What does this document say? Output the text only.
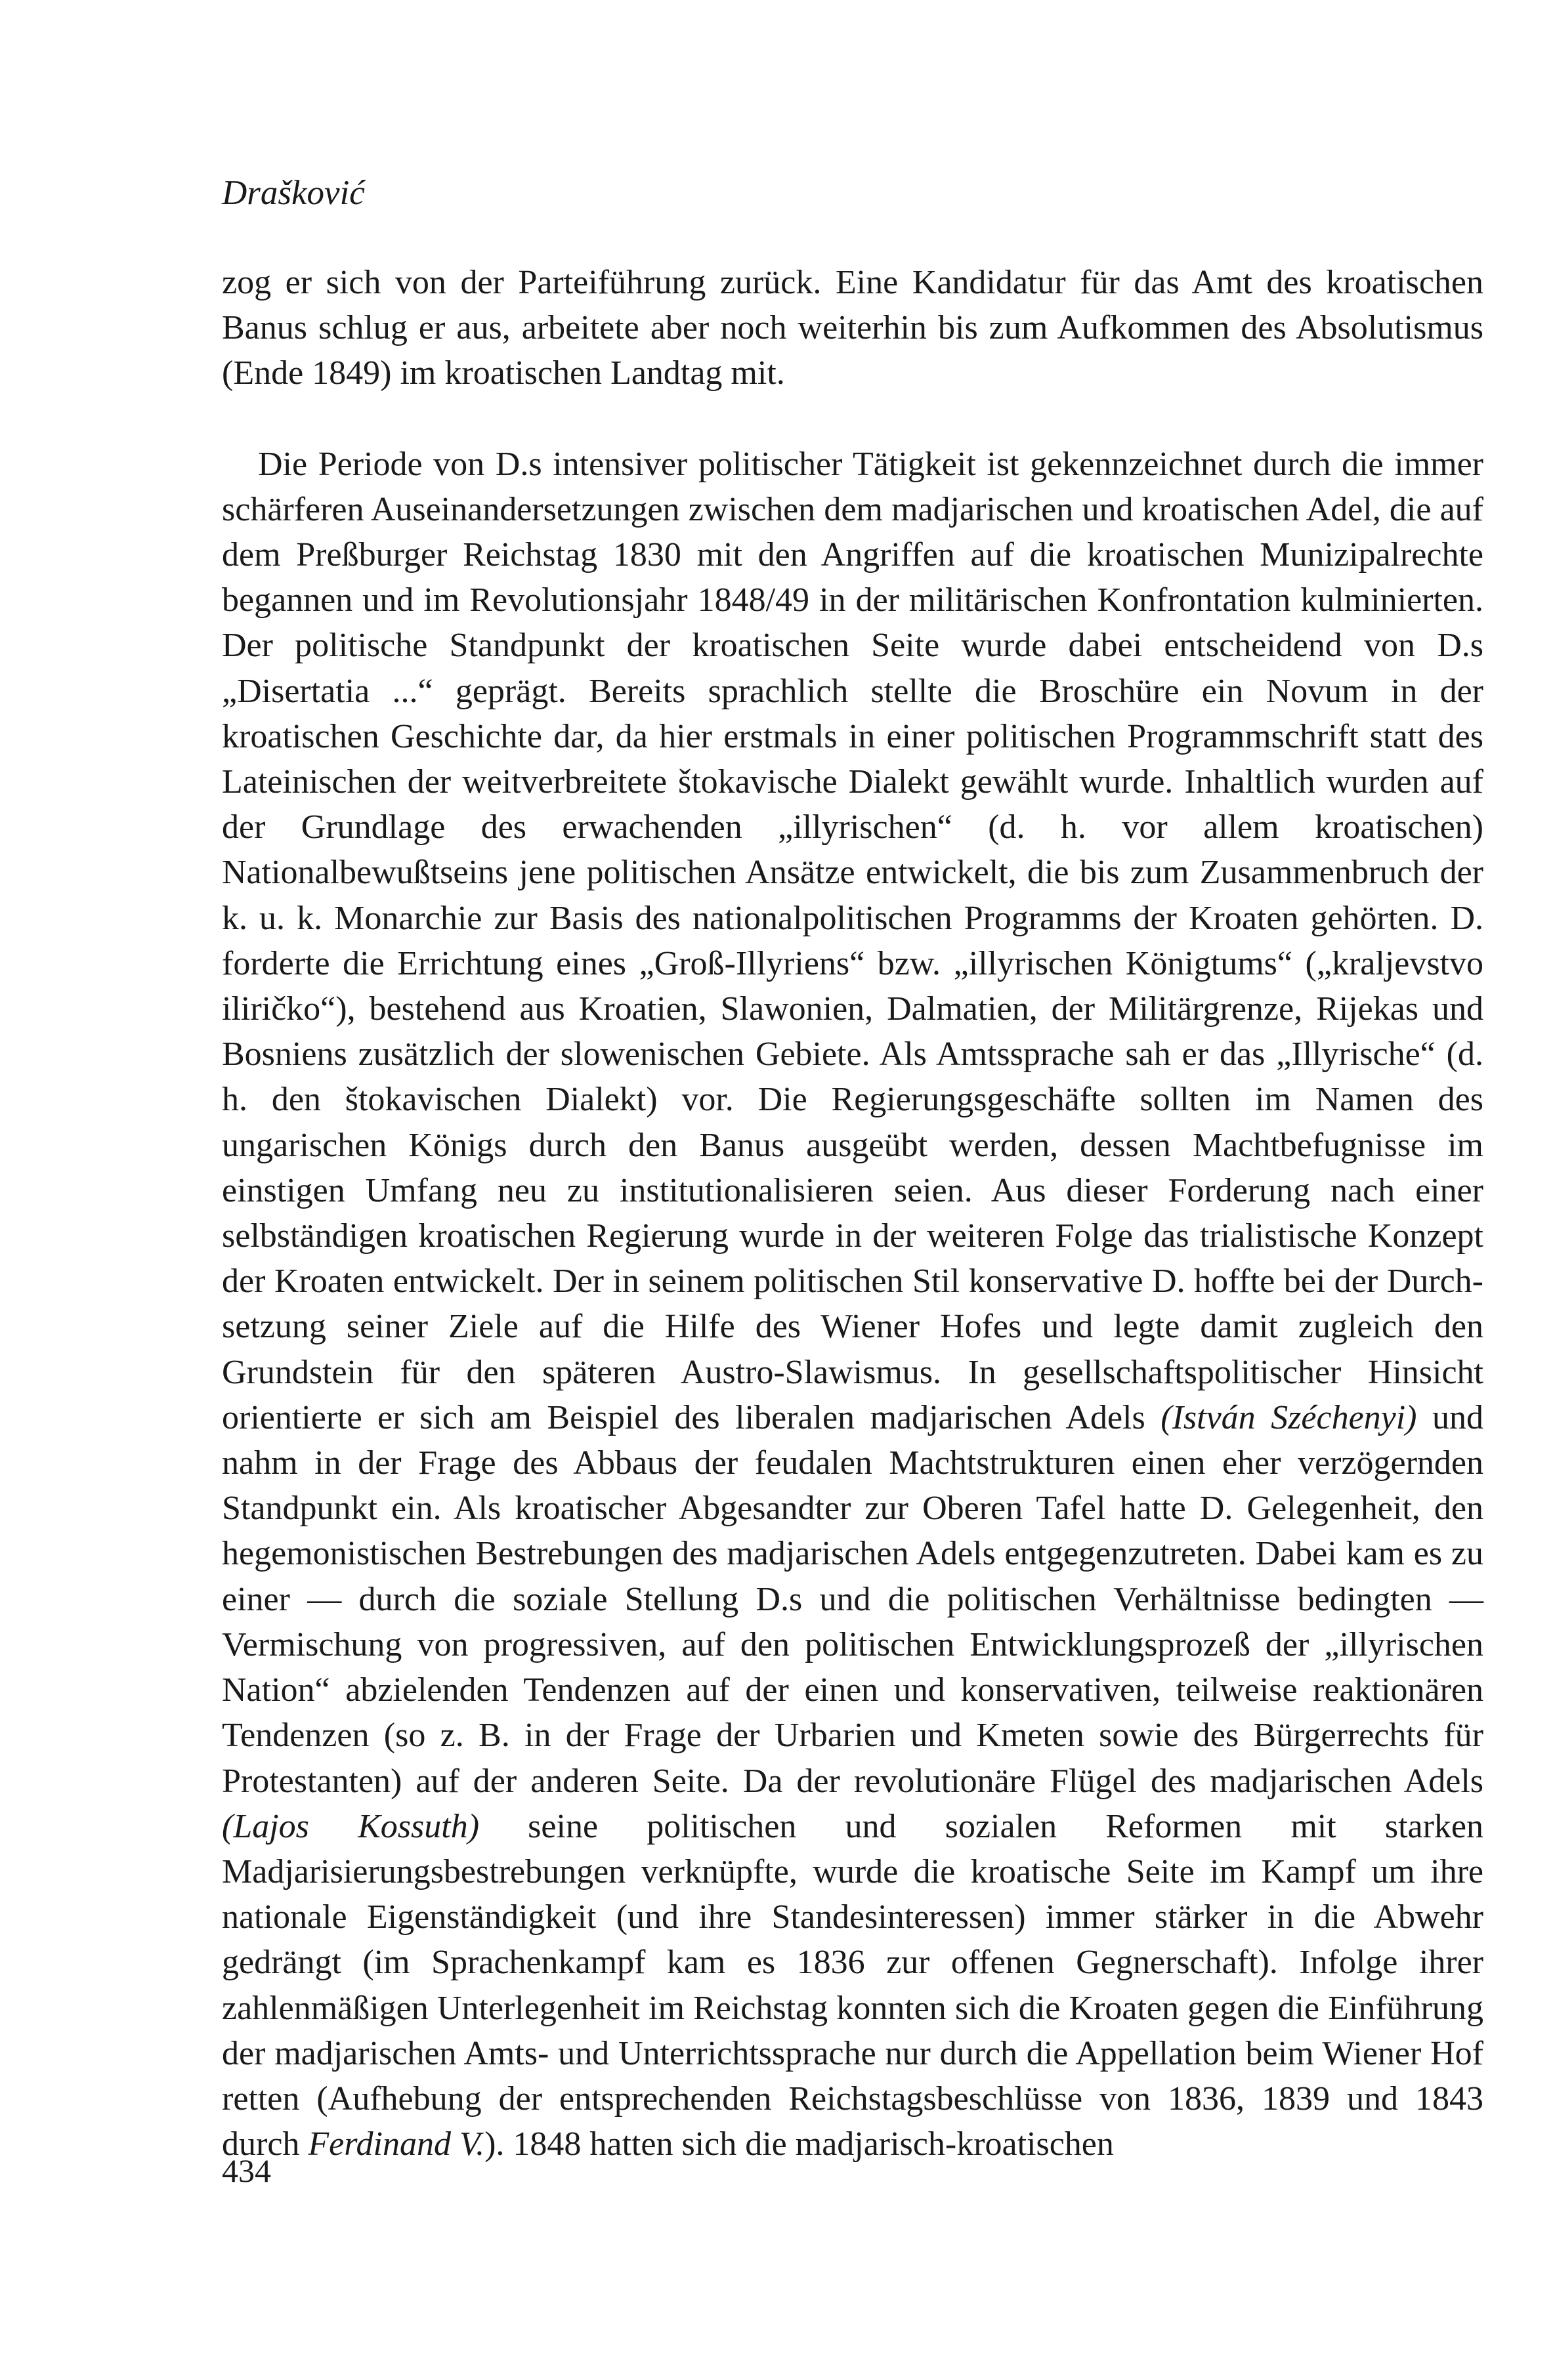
Drašković

zog er sich von der Parteiführung zurück. Eine Kandidatur für das Amt des kroatischen Banus schlug er aus, arbeitete aber noch weiterhin bis zum Aufkommen des Absolutismus (Ende 1849) im kroatischen Landtag mit.

Die Periode von D.s intensiver politischer Tätigkeit ist gekennzeichnet durch die immer schärferen Auseinandersetzungen zwischen dem madjarischen und kroatischen Adel, die auf dem Preßburger Reichstag 1830 mit den Angriffen auf die kroatischen Munizipalrechte begannen und im Revolutionsjahr 1848/49 in der militärischen Konfrontation kulminierten. Der politische Standpunkt der kroatischen Seite wurde dabei entscheidend von D.s „Disertatia ...“ geprägt. Bereits sprachlich stellte die Broschüre ein Novum in der kroatischen Geschichte dar, da hier erstmals in einer politischen Programmschrift statt des Lateinischen der weitverbreitete štokavische Dialekt gewählt wurde. Inhaltlich wurden auf der Grundlage des erwachenden „illyrischen“ (d. h. vor allem kroatischen) Nationalbewußtseins jene politischen Ansätze entwickelt, die bis zum Zusammenbruch der k. u. k. Monarchie zur Basis des nationalpolitischen Programms der Kroaten gehörten. D. forderte die Errichtung eines „Groß-Illyriens“ bzw. „illyrischen Königtums“ („kraljevstvo iliričko“), bestehend aus Kroatien, Slawonien, Dalmatien, der Militärgrenze, Rijekas und Bosniens zusätzlich der slowenischen Gebiete. Als Amtssprache sah er das „Illyrische“ (d. h. den štokavischen Dialekt) vor. Die Regierungsgeschäfte sollten im Namen des ungarischen Königs durch den Banus ausgeübt werden, dessen Machtbefugnisse im einstigen Umfang neu zu institutionalisieren seien. Aus dieser Forderung nach einer selbständigen kroatischen Regierung wurde in der weiteren Folge das trialistische Konzept der Kroaten entwickelt. Der in seinem politischen Stil konservative D. hoffte bei der Durchsetzung seiner Ziele auf die Hilfe des Wiener Hofes und legte damit zugleich den Grundstein für den späteren Austro-Slawismus. In gesellschaftspolitischer Hinsicht orientierte er sich am Beispiel des liberalen madjarischen Adels (István Széchenyi) und nahm in der Frage des Abbaus der feudalen Machtstrukturen einen eher verzögernden Standpunkt ein. Als kroatischer Abgesandter zur Oberen Tafel hatte D. Gelegenheit, den hegemonistischen Bestrebungen des madjarischen Adels entgegenzutreten. Dabei kam es zu einer — durch die soziale Stellung D.s und die politischen Verhältnisse bedingten — Vermischung von progressiven, auf den politischen Entwicklungsprozeß der „illyrischen Nation“ abzielenden Tendenzen auf der einen und konservativen, teilweise reaktionären Tendenzen (so z. B. in der Frage der Urbarien und Kmeten sowie des Bürgerrechts für Protestanten) auf der anderen Seite. Da der revolutionäre Flügel des madjarischen Adels (Lajos Kossuth) seine politischen und sozialen Reformen mit starken Madjarisierungsbestrebungen verknüpfte, wurde die kroatische Seite im Kampf um ihre nationale Eigenständigkeit (und ihre Standesinteressen) immer stärker in die Abwehr gedrängt (im Sprachenkampf kam es 1836 zur offenen Gegnerschaft). Infolge ihrer zahlenmäßigen Unterlegenheit im Reichstag konnten sich die Kroaten gegen die Einführung der madjarischen Amts- und Unterrichtssprache nur durch die Appellation beim Wiener Hof retten (Aufhebung der entsprechenden Reichstagsbeschlüsse von 1836, 1839 und 1843 durch Ferdinand V.). 1848 hatten sich die madjarisch-kroatischen

434
